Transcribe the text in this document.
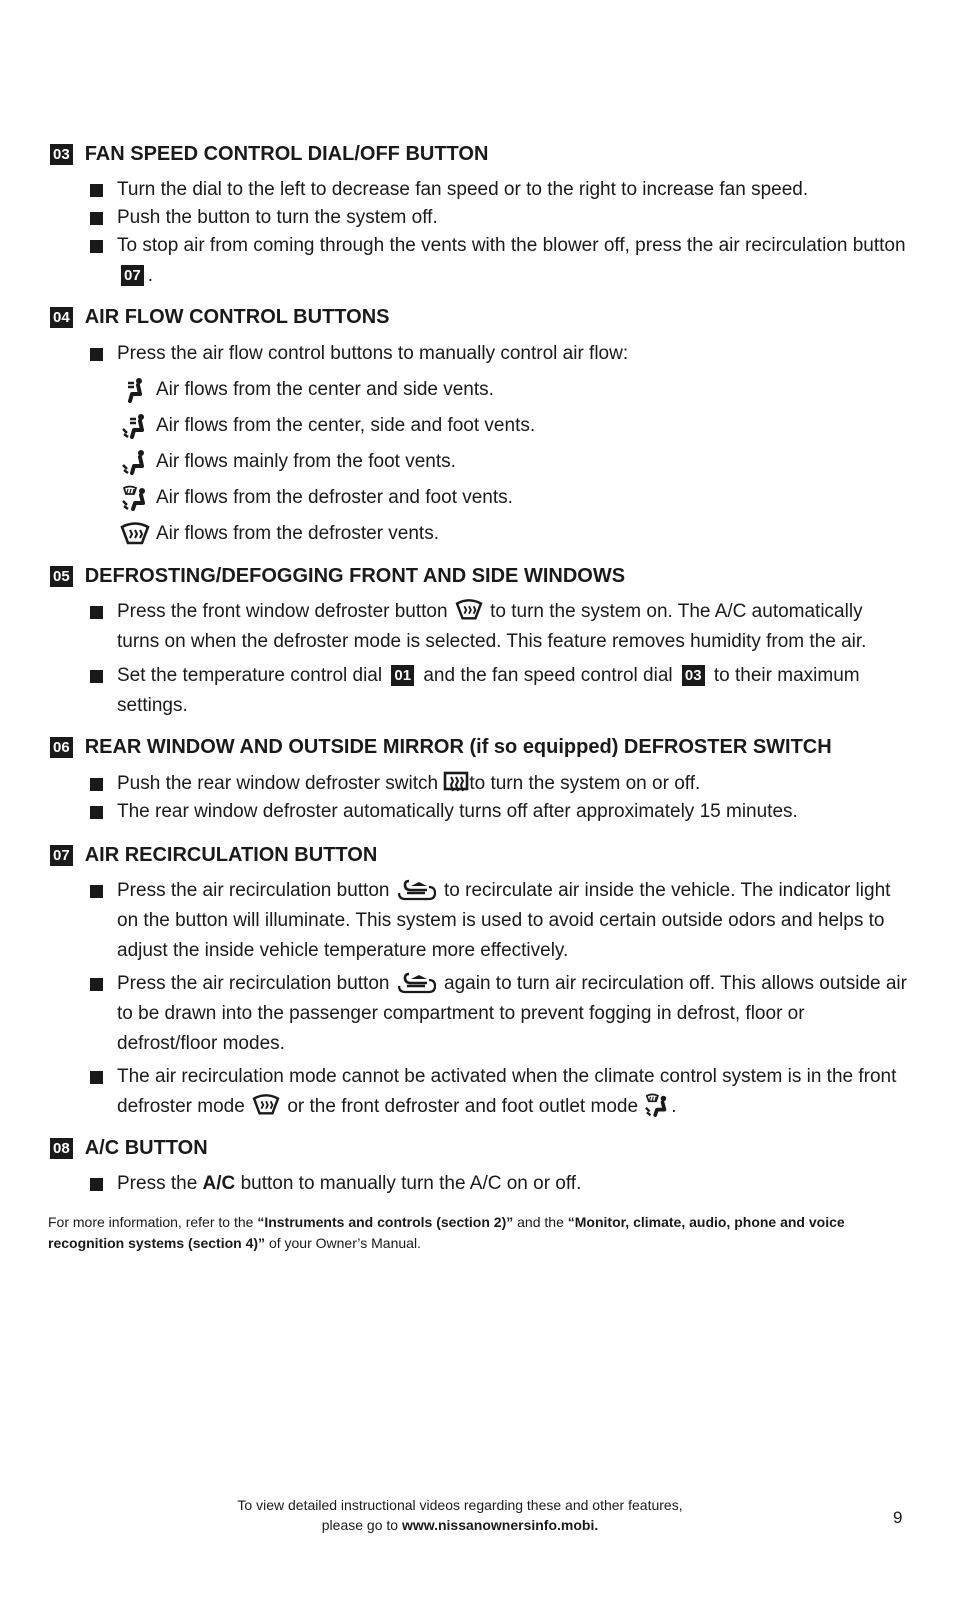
03 FAN SPEED CONTROL DIAL/OFF BUTTON
Turn the dial to the left to decrease fan speed or to the right to increase fan speed.
Push the button to turn the system off.
To stop air from coming through the vents with the blower off, press the air recirculation button07 .
04 AIR FLOW CONTROL BUTTONS
Press the air flow control buttons to manually control air flow:
Air flows from the center and side vents.
Air flows from the center, side and foot vents.
Air flows mainly from the foot vents.
Air flows from the defroster and foot vents.
Air flows from the defroster vents.
05 DEFROSTING/DEFOGGING FRONT AND SIDE WINDOWS
Press the front window defroster button to turn the system on. The A/C automatically turns on when the defroster mode is selected. This feature removes humidity from the air.
Set the temperature control dial 01 and the fan speed control dial 03 to their maximum settings.
06 REAR WINDOW AND OUTSIDE MIRROR (if so equipped) DEFROSTER SWITCH
Push the rear window defroster switch to turn the system on or off.
The rear window defroster automatically turns off after approximately 15 minutes.
07 AIR RECIRCULATION BUTTON
Press the air recirculation button	to recirculate air inside the vehicle. The indicator light on the button will illuminate. This system is used to avoid certain outside odors and helps to adjust the inside vehicle temperature more effectively.
Press the air recirculation button	again to turn air recirculation off. This allows outside air to be drawn into the passenger compartment to prevent fogging in defrost, floor or defrost/floor modes.
The air recirculation mode cannot be activated when the climate control system is in the front defroster mode or the front defroster and foot outlet mode .
08 A/C BUTTON
Press the A/C button to manually turn the A/C on or off.
For more information, refer to the “Instruments and controls (section 2)” and the “Monitor, climate, audio, phone and voice recognition systems (section 4)” of your Owner’s Manual.
To view detailed instructional videos regarding these and other features,
please go to www.nissanownersinfo.mobi.	9
